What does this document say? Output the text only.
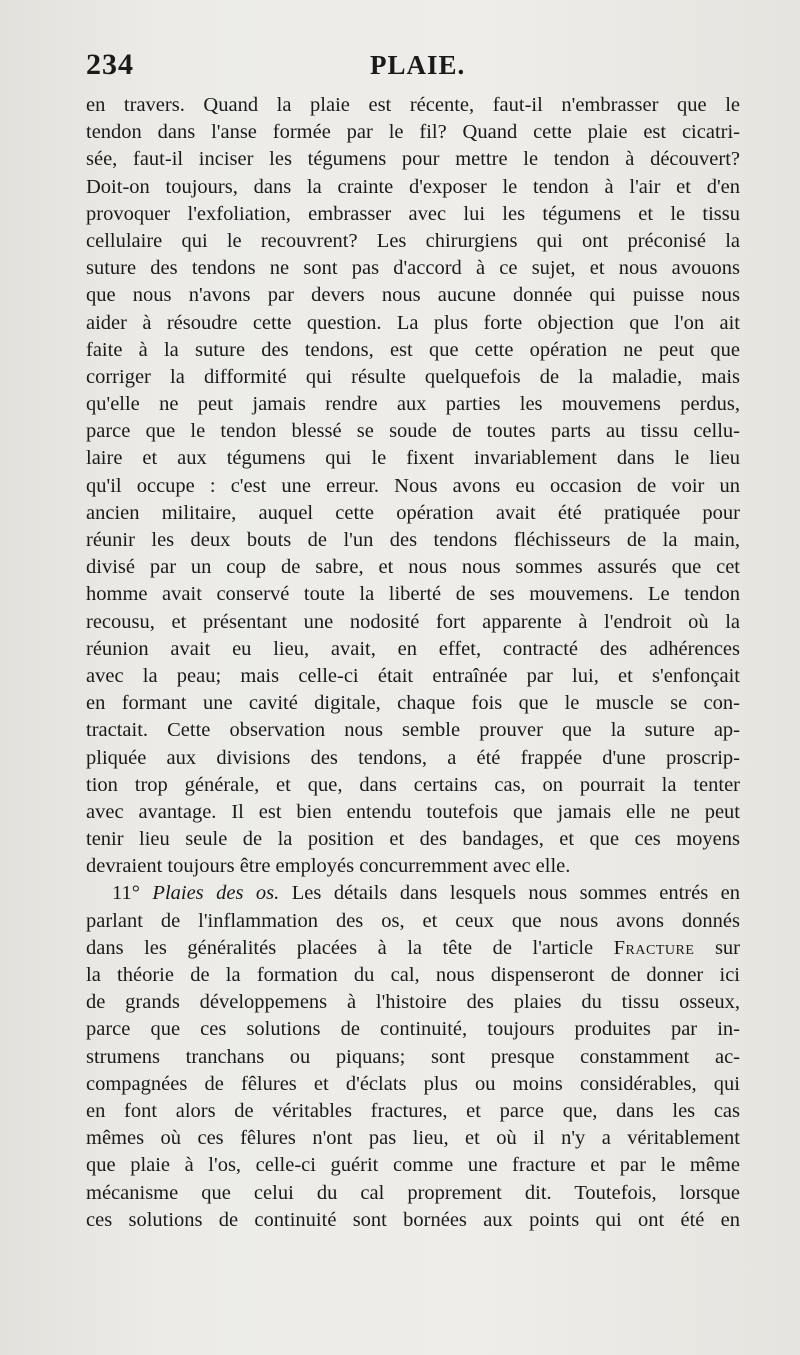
234	PLAIE.
en travers. Quand la plaie est récente, faut-il n'embrasser que le
tendon dans l'anse formée par le fil? Quand cette plaie est cicatri-
sée, faut-il inciser les tégumens pour mettre le tendon à découvert?
Doit-on toujours, dans la crainte d'exposer le tendon à l'air et d'en
provoquer l'exfoliation, embrasser avec lui les tégumens et le tissu
cellulaire qui le recouvrent? Les chirurgiens qui ont préconisé la
suture des tendons ne sont pas d'accord à ce sujet, et nous avouons
que nous n'avons par devers nous aucune donnée qui puisse nous
aider à résoudre cette question. La plus forte objection que l'on ait
faite à la suture des tendons, est que cette opération ne peut que
corriger la difformité qui résulte quelquefois de la maladie, mais
qu'elle ne peut jamais rendre aux parties les mouvemens perdus,
parce que le tendon blessé se soude de toutes parts au tissu cellu-
laire et aux tégumens qui le fixent invariablement dans le lieu
qu'il occupe : c'est une erreur. Nous avons eu occasion de voir un
ancien militaire, auquel cette opération avait été pratiquée pour
réunir les deux bouts de l'un des tendons fléchisseurs de la main,
divisé par un coup de sabre, et nous nous sommes assurés que cet
homme avait conservé toute la liberté de ses mouvemens. Le tendon
recousu, et présentant une nodosité fort apparente à l'endroit où la
réunion avait eu lieu, avait, en effet, contracté des adhérences
avec la peau; mais celle-ci était entraînée par lui, et s'enfonçait
en formant une cavité digitale, chaque fois que le muscle se con-
tractait. Cette observation nous semble prouver que la suture ap-
pliquée aux divisions des tendons, a été frappée d'une proscrip-
tion trop générale, et que, dans certains cas, on pourrait la tenter
avec avantage. Il est bien entendu toutefois que jamais elle ne peut
tenir lieu seule de la position et des bandages, et que ces moyens
devraient toujours être employés concurremment avec elle.
11° Plaies des os. Les détails dans lesquels nous sommes entrés en
parlant de l'inflammation des os, et ceux que nous avons donnés
dans les généralités placées à la tête de l'article Fracture sur
la théorie de la formation du cal, nous dispenseront de donner ici
de grands développemens à l'histoire des plaies du tissu osseux,
parce que ces solutions de continuité, toujours produites par in-
strumens tranchans ou piquans; sont presque constamment ac-
compagnées de fêlures et d'éclats plus ou moins considérables, qui
en font alors de véritables fractures, et parce que, dans les cas
mêmes où ces fêlures n'ont pas lieu, et où il n'y a véritablement
que plaie à l'os, celle-ci guérit comme une fracture et par le même
mécanisme que celui du cal proprement dit. Toutefois, lorsque
ces solutions de continuité sont bornées aux points qui ont été en
